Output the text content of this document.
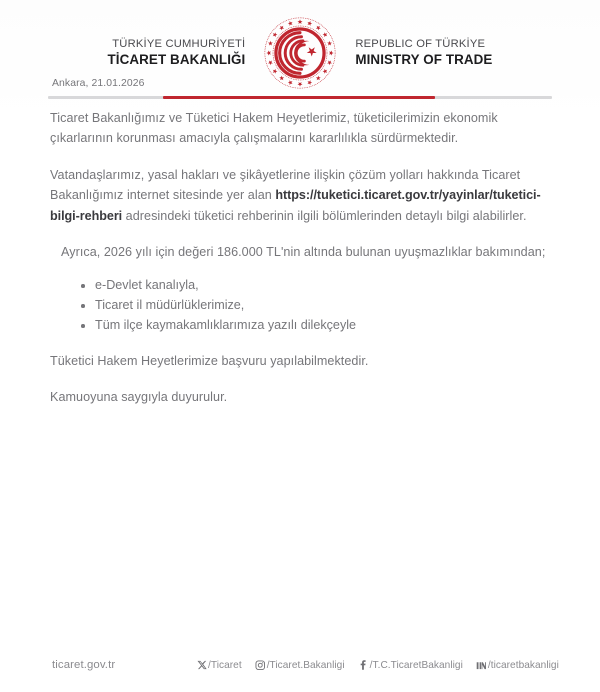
TÜRKİYE CUMHURİYETİ
TİCARET BAKANLIĞI
REPUBLIC OF TÜRKİYE
MINISTRY OF TRADE
Ankara, 21.01.2026

Ticaret Bakanlığımız ve Tüketici Hakem Heyetlerimiz, tüketicilerimizin ekonomik çıkarlarının korunması amacıyla çalışmalarını kararlılıkla sürdürmektedir.

Vatandaşlarımız, yasal hakları ve şikâyetlerine ilişkin çözüm yolları hakkında Ticaret Bakanlığımız internet sitesinde yer alan https://tuketici.ticaret.gov.tr/yayinlar/tuketici-bilgi-rehberi adresindeki tüketici rehberinin ilgili bölümlerinden detaylı bilgi alabilirler.

Ayrıca, 2026 yılı için değeri 186.000 TL'nin altında bulunan uyuşmazlıklar bakımından;

e-Devlet kanalıyla,
Ticaret il müdürlüklerimize,
Tüm ilçe kaymakamlıklarımıza yazılı dilekçeyle

Tüketici Hakem Heyetlerimize başvuru yapılabilmektedir.

Kamuoyuna saygıyla duyurulur.

ticaret.gov.tr	/Ticaret /Ticaret.Bakanligi /T.C.TicaretBakanligi /ticaretbakanligi
